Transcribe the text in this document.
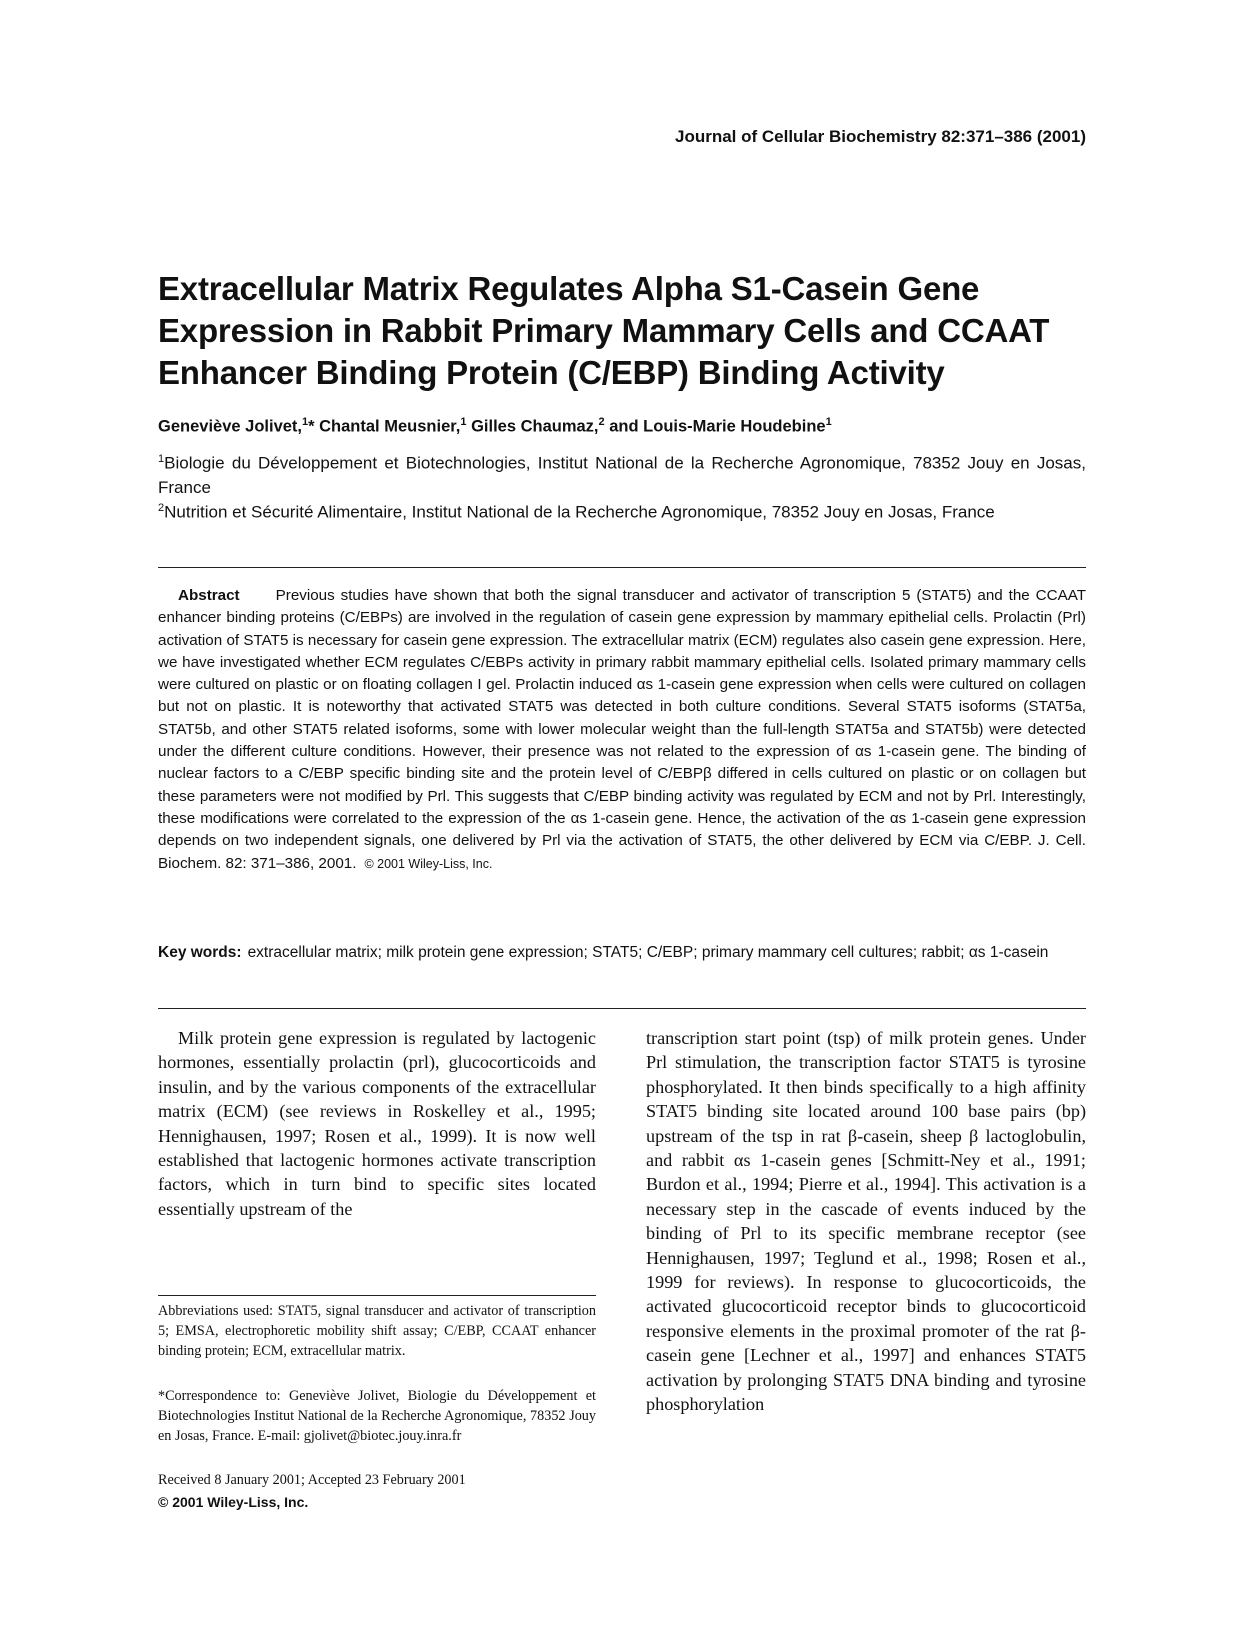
Journal of Cellular Biochemistry 82:371–386 (2001)
Extracellular Matrix Regulates Alpha S1-Casein Gene Expression in Rabbit Primary Mammary Cells and CCAAT Enhancer Binding Protein (C/EBP) Binding Activity
Geneviève Jolivet,$^1$* Chantal Meusnier,$^1$ Gilles Chaumaz,$^2$ and Louis-Marie Houdebine$^1$
$^1$Biologie du Développement et Biotechnologies, Institut National de la Recherche Agronomique, 78352 Jouy en Josas, France
$^2$Nutrition et Sécurité Alimentaire, Institut National de la Recherche Agronomique, 78352 Jouy en Josas, France
Abstract Previous studies have shown that both the signal transducer and activator of transcription 5 (STAT5) and the CCAAT enhancer binding proteins (C/EBPs) are involved in the regulation of casein gene expression by mammary epithelial cells. Prolactin (Prl) activation of STAT5 is necessary for casein gene expression. The extracellular matrix (ECM) regulates also casein gene expression. Here, we have investigated whether ECM regulates C/EBPs activity in primary rabbit mammary epithelial cells. Isolated primary mammary cells were cultured on plastic or on floating collagen I gel. Prolactin induced αs 1-casein gene expression when cells were cultured on collagen but not on plastic. It is noteworthy that activated STAT5 was detected in both culture conditions. Several STAT5 isoforms (STAT5a, STAT5b, and other STAT5 related isoforms, some with lower molecular weight than the full-length STAT5a and STAT5b) were detected under the different culture conditions. However, their presence was not related to the expression of αs 1-casein gene. The binding of nuclear factors to a C/EBP specific binding site and the protein level of C/EBPβ differed in cells cultured on plastic or on collagen but these parameters were not modified by Prl. This suggests that C/EBP binding activity was regulated by ECM and not by Prl. Interestingly, these modifications were correlated to the expression of the αs 1-casein gene. Hence, the activation of the αs 1-casein gene expression depends on two independent signals, one delivered by Prl via the activation of STAT5, the other delivered by ECM via C/EBP. J. Cell. Biochem. 82: 371–386, 2001. © 2001 Wiley-Liss, Inc.
Key words: extracellular matrix; milk protein gene expression; STAT5; C/EBP; primary mammary cell cultures; rabbit; αs 1-casein
Milk protein gene expression is regulated by lactogenic hormones, essentially prolactin (prl), glucocorticoids and insulin, and by the various components of the extracellular matrix (ECM) (see reviews in Roskelley et al., 1995; Hennighausen, 1997; Rosen et al., 1999). It is now well established that lactogenic hormones activate transcription factors, which in turn bind to specific sites located essentially upstream of the
transcription start point (tsp) of milk protein genes. Under Prl stimulation, the transcription factor STAT5 is tyrosine phosphorylated. It then binds specifically to a high affinity STAT5 binding site located around 100 base pairs (bp) upstream of the tsp in rat β-casein, sheep β lactoglobulin, and rabbit αs 1-casein genes [Schmitt-Ney et al., 1991; Burdon et al., 1994; Pierre et al., 1994]. This activation is a necessary step in the cascade of events induced by the binding of Prl to its specific membrane receptor (see Hennighausen, 1997; Teglund et al., 1998; Rosen et al., 1999 for reviews). In response to glucocorticoids, the activated glucocorticoid receptor binds to glucocorticoid responsive elements in the proximal promoter of the rat β-casein gene [Lechner et al., 1997] and enhances STAT5 activation by prolonging STAT5 DNA binding and tyrosine phosphorylation
Abbreviations used: STAT5, signal transducer and activator of transcription 5; EMSA, electrophoretic mobility shift assay; C/EBP, CCAAT enhancer binding protein; ECM, extracellular matrix.
*Correspondence to: Geneviève Jolivet, Biologie du Développement et Biotechnologies Institut National de la Recherche Agronomique, 78352 Jouy en Josas, France. E-mail: gjolivet@biotec.jouy.inra.fr
Received 8 January 2001; Accepted 23 February 2001
© 2001 Wiley-Liss, Inc.
